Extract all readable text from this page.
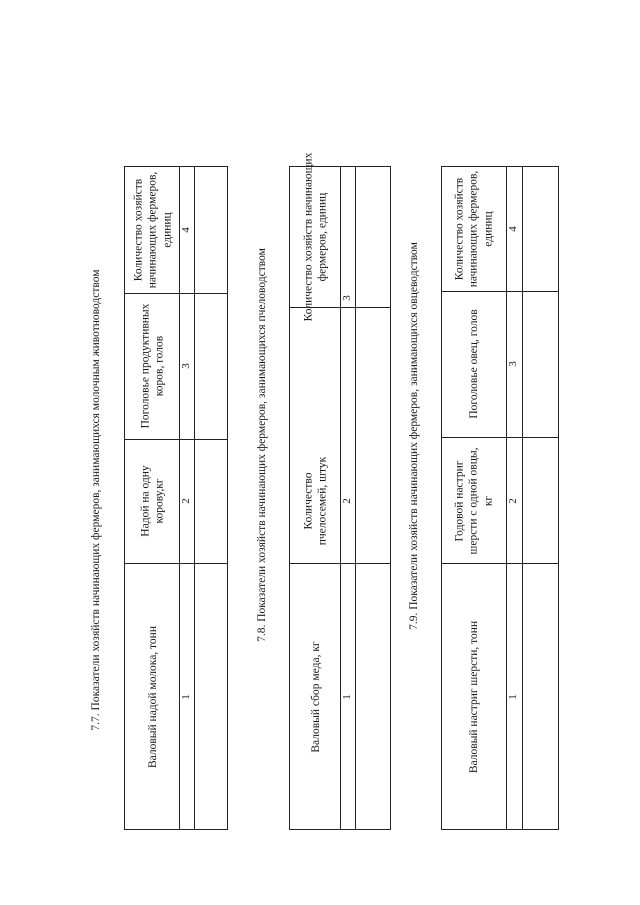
7.7. Показатели хозяйств начинающих фермеров, занимающихся молочным животноводством	Валовый надой молока, тонн
Надой на одну корову,кг
Поголовье продуктивных коров, голов
Количество хозяйств начинающих фермеров, единиц
1
2
3
4
7.8. Показатели хозяйств начинающих фермеров, занимающихся пчеловодством
Валовый сбор меда, кг
Количество пчелосемей, штук
Количество хозяйств начинающих фермеров, единиц
1
2
3	7.9. Показатели хозяйств начинающих фермеров, занимающихся овцеводством
Валовый настриг шерсти, тонн
Годовой настриг шерсти с одной овцы, кг
Поголовье овец, голов
Количество хозяйств начинающих фермеров, единиц
1
2
3
4
